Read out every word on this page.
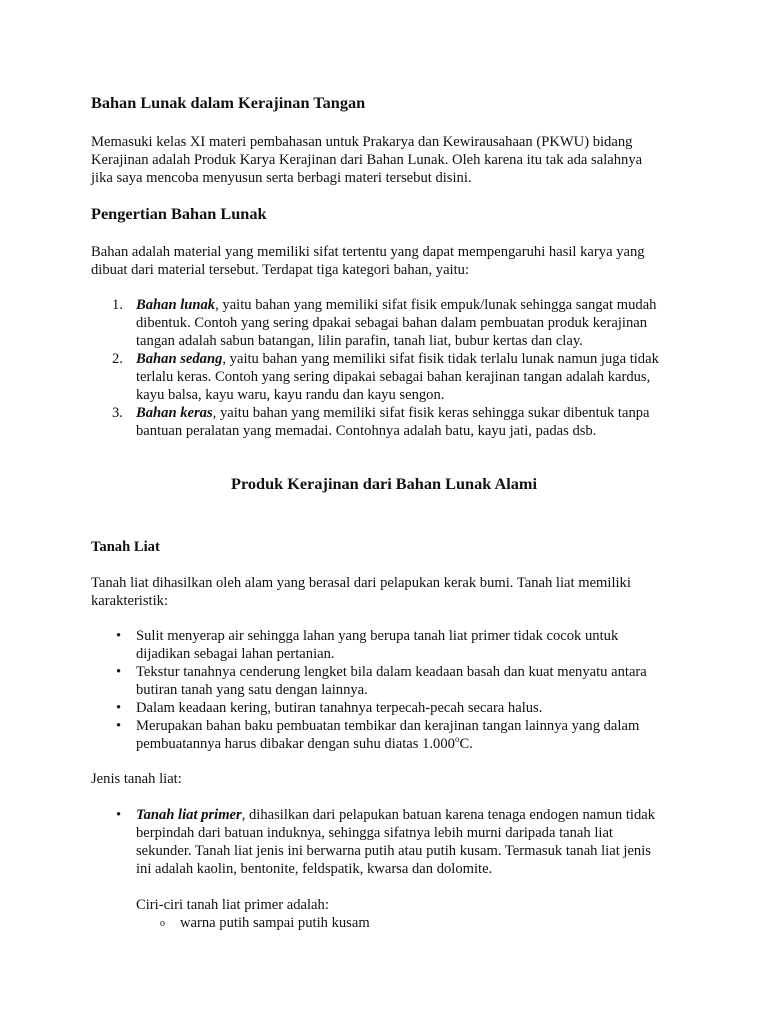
Bahan Lunak dalam Kerajinan Tangan
Memasuki kelas XI materi pembahasan untuk Prakarya dan Kewirausahaan (PKWU) bidang
Kerajinan adalah Produk Karya Kerajinan dari Bahan Lunak. Oleh karena itu tak ada salahnya
jika saya mencoba menyusun serta berbagi materi tersebut disini.
Pengertian Bahan Lunak
Bahan adalah material yang memiliki sifat tertentu yang dapat mempengaruhi hasil karya yang
dibuat dari material tersebut. Terdapat tiga kategori bahan, yaitu:
1. Bahan lunak, yaitu bahan yang memiliki sifat fisik empuk/lunak sehingga sangat mudah
dibentuk. Contoh yang sering dpakai sebagai bahan dalam pembuatan produk kerajinan
tangan adalah sabun batangan, lilin parafin, tanah liat, bubur kertas dan clay.
2. Bahan sedang, yaitu bahan yang memiliki sifat fisik tidak terlalu lunak namun juga tidak
terlalu keras. Contoh yang sering dipakai sebagai bahan kerajinan tangan adalah kardus,
kayu balsa, kayu waru, kayu randu dan kayu sengon.
3. Bahan keras, yaitu bahan yang memiliki sifat fisik keras sehingga sukar dibentuk tanpa
bantuan peralatan yang memadai. Contohnya adalah batu, kayu jati, padas dsb.
Produk Kerajinan dari Bahan Lunak Alami
Tanah Liat
Tanah liat dihasilkan oleh alam yang berasal dari pelapukan kerak bumi. Tanah liat memiliki
karakteristik:
• Sulit menyerap air sehingga lahan yang berupa tanah liat primer tidak cocok untuk
dijadikan sebagai lahan pertanian.
• Tekstur tanahnya cenderung lengket bila dalam keadaan basah dan kuat menyatu antara
butiran tanah yang satu dengan lainnya.
• Dalam keadaan kering, butiran tanahnya terpecah-pecah secara halus.
• Merupakan bahan baku pembuatan tembikar dan kerajinan tangan lainnya yang dalam
pembuatannya harus dibakar dengan suhu diatas 1.000$^o$C.
Jenis tanah liat:
• Tanah liat primer, dihasilkan dari pelapukan batuan karena tenaga endogen namun tidak
berpindah dari batuan induknya, sehingga sifatnya lebih murni daripada tanah liat
sekunder. Tanah liat jenis ini berwarna putih atau putih kusam. Termasuk tanah liat jenis
ini adalah kaolin, bentonite, feldspatik, kwarsa dan dolomite.
Ciri-ciri tanah liat primer adalah:
o warna putih sampai putih kusam
